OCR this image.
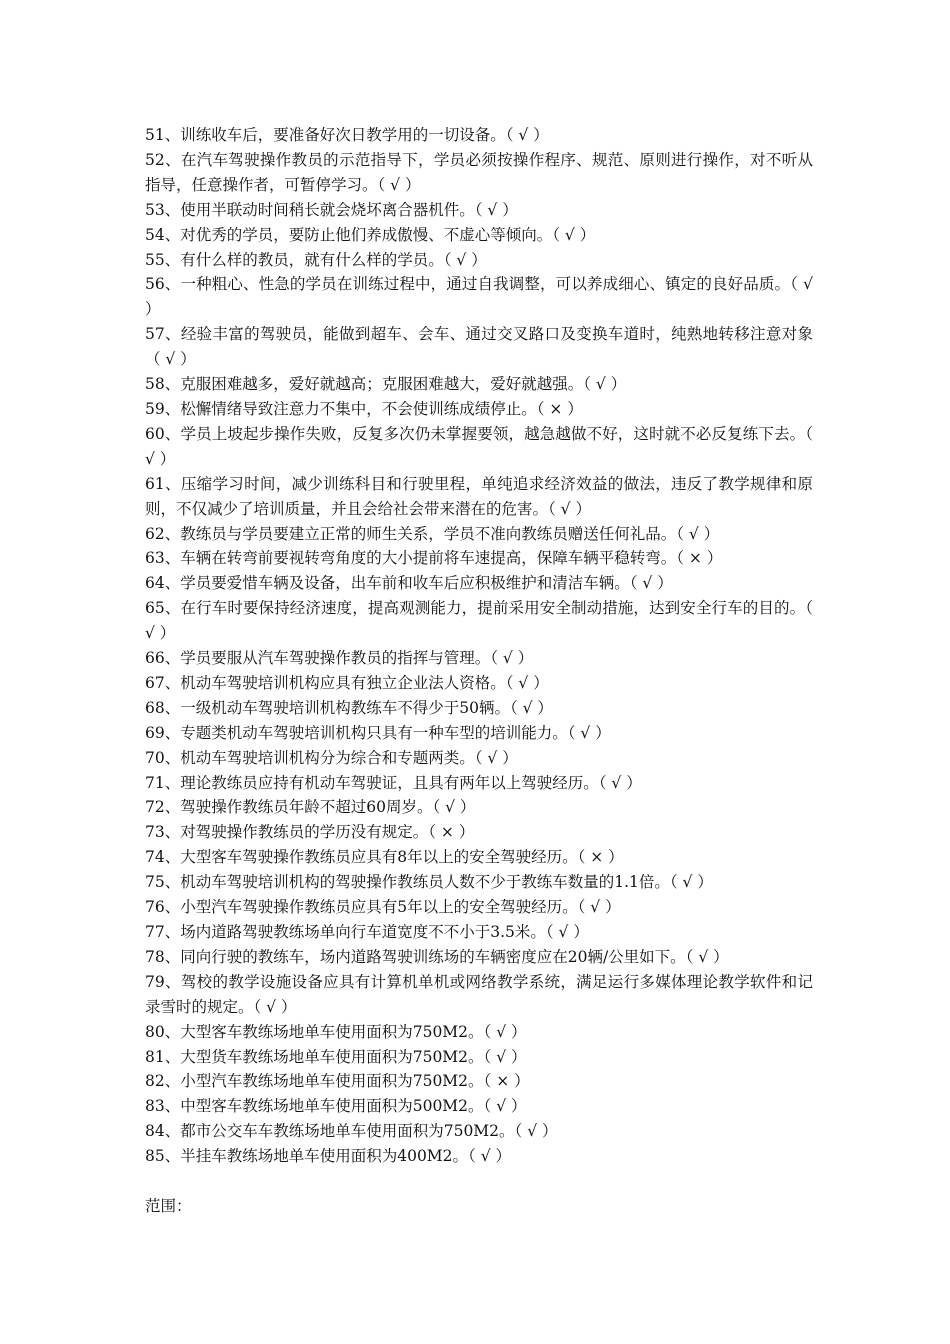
51、训练收车后，要准备好次日教学用的一切设备。（ √ ）

52、在汽车驾驶操作教员的示范指导下，学员必须按操作程序、规范、原则进行操作，对不听从指导，任意操作者，可暂停学习。（ √ ）

53、使用半联动时间稍长就会烧坏离合器机件。（ √ ）

54、对优秀的学员，要防止他们养成傲慢、不虚心等倾向。（ √ ）

55、有什么样的教员，就有什么样的学员。（ √ ）

56、一种粗心、性急的学员在训练过程中，通过自我调整，可以养成细心、镇定的良好品质。（ √ ）

57、经验丰富的驾驶员，能做到超车、会车、通过交叉路口及变换车道时，纯熟地转移注意对象（ √ ）

58、克服困难越多，爱好就越高；克服困难越大，爱好就越强。（ √ ）

59、松懈情绪导致注意力不集中，不会使训练成绩停止。（ × ）

60、学员上坡起步操作失败，反复多次仍未掌握要领，越急越做不好，这时就不必反复练下去。（ √ ）

61、压缩学习时间，减少训练科目和行驶里程，单纯追求经济效益的做法，违反了教学规律和原则，不仅减少了培训质量，并且会给社会带来潜在的危害。（ √ ）

62、教练员与学员要建立正常的师生关系，学员不准向教练员赠送任何礼品。（ √ ）

63、车辆在转弯前要视转弯角度的大小提前将车速提高，保障车辆平稳转弯。（ × ）

64、学员要爱惜车辆及设备，出车前和收车后应积极维护和清洁车辆。（ √ ）

65、在行车时要保持经济速度，提高观测能力，提前采用安全制动措施，达到安全行车的目的。（ √ ）

66、学员要服从汽车驾驶操作教员的指挥与管理。（ √ ）

67、机动车驾驶培训机构应具有独立企业法人资格。（ √ ）

68、一级机动车驾驶培训机构教练车不得少于50辆。（ √ ）

69、专题类机动车驾驶培训机构只具有一种车型的培训能力。（ √ ）

70、机动车驾驶培训机构分为综合和专题两类。（ √ ）

71、理论教练员应持有机动车驾驶证，且具有两年以上驾驶经历。（ √ ）

72、驾驶操作教练员年龄不超过60周岁。（ √ ）

73、对驾驶操作教练员的学历没有规定。（ × ）

74、大型客车驾驶操作教练员应具有8年以上的安全驾驶经历。（ × ）

75、机动车驾驶培训机构的驾驶操作教练员人数不少于教练车数量的1.1倍。（ √ ）

76、小型汽车驾驶操作教练员应具有5年以上的安全驾驶经历。（ √ ）

77、场内道路驾驶教练场单向行车道宽度不不小于3.5米。（ √ ）

78、同向行驶的教练车，场内道路驾驶训练场的车辆密度应在20辆/公里如下。（ √ ）

79、驾校的教学设施设备应具有计算机单机或网络教学系统，满足运行多媒体理论教学软件和记录雪时的规定。（ √ ）

80、大型客车教练场地单车使用面积为750M2。（ √ ）

81、大型货车教练场地单车使用面积为750M2。（ √ ）

82、小型汽车教练场地单车使用面积为750M2。（ × ）

83、中型客车教练场地单车使用面积为500M2。（ √ ）

84、都市公交车车教练场地单车使用面积为750M2。（ √ ）

85、半挂车教练场地单车使用面积为400M2。（ √ ）

范围：
